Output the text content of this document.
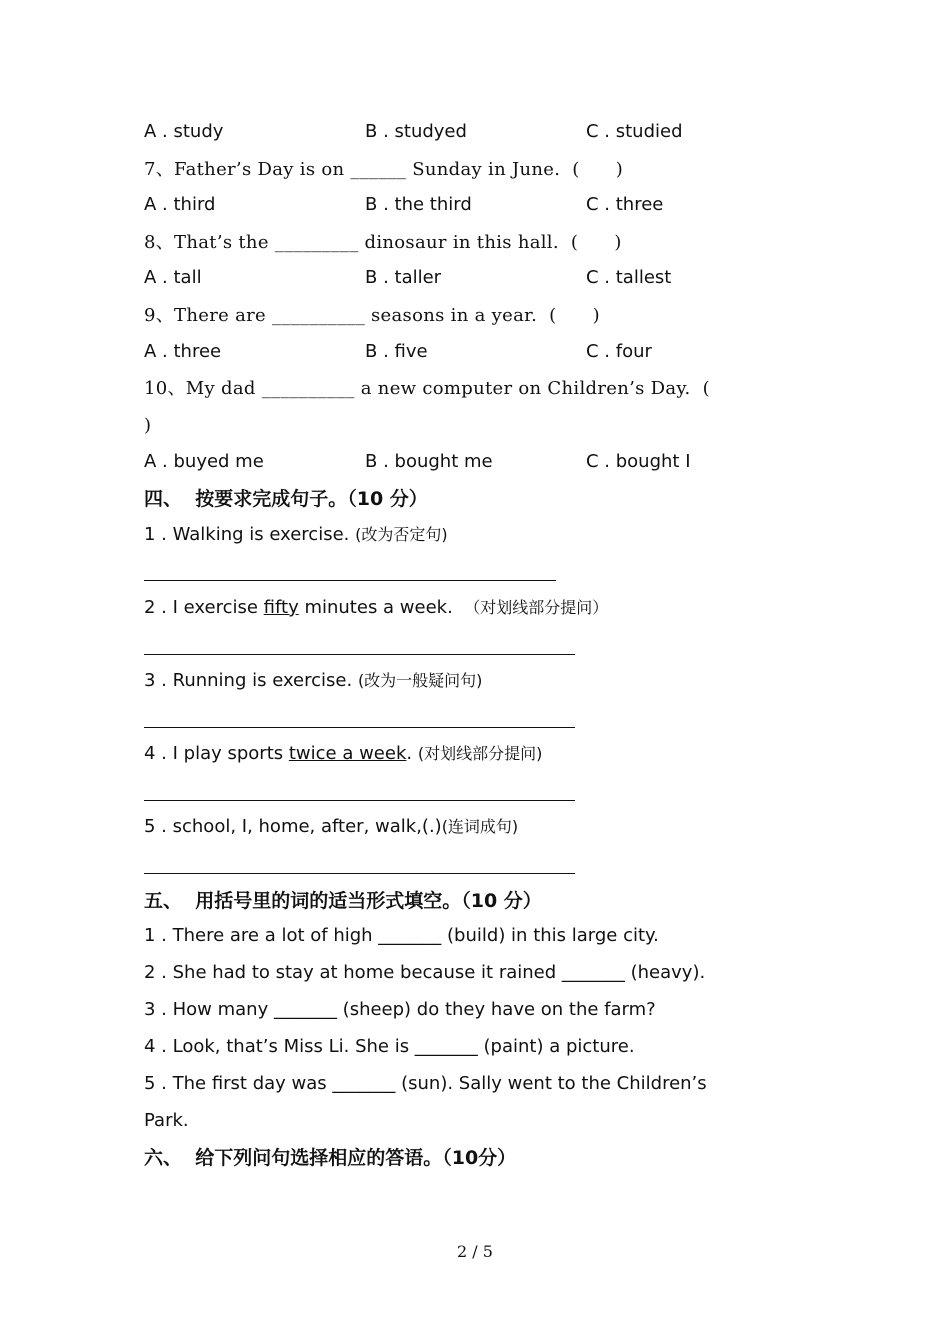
A . study	B . studyed	C . studied
7、Father’s Day is on ______ Sunday in June.  (      )
A . third	B . the third	C . three
8、That’s the _________ dinosaur in this hall.  (      )
A . tall	B . taller	C . tallest
9、There are __________ seasons in a year.  (      )
A . three	B . five	C . four
10、My dad __________ a new computer on Children’s Day.  (
)
A . buyed me	B . bought me	C . bought I
四、  按要求完成句子。（10 分）
1 . Walking is exercise. (改为否定句)
2 . I exercise fifty minutes a week.  （对划线部分提问）
3 . Running is exercise. (改为一般疑问句)
4 . I play sports twice a week. (对划线部分提问)
5 . school, I, home, after, walk,(.)(连词成句)
五、  用括号里的词的适当形式填空。（10 分）
1 . There are a lot of high _______ (build) in this large city.
2 . She had to stay at home because it rained _______ (heavy).
3 . How many _______ (sheep) do they have on the farm?
4 . Look, that’s Miss Li. She is _______ (paint) a picture.
5 . The first day was _______ (sun). Sally went to the Children’s
Park.
六、  给下列问句选择相应的答语。（10分）
2 / 5
